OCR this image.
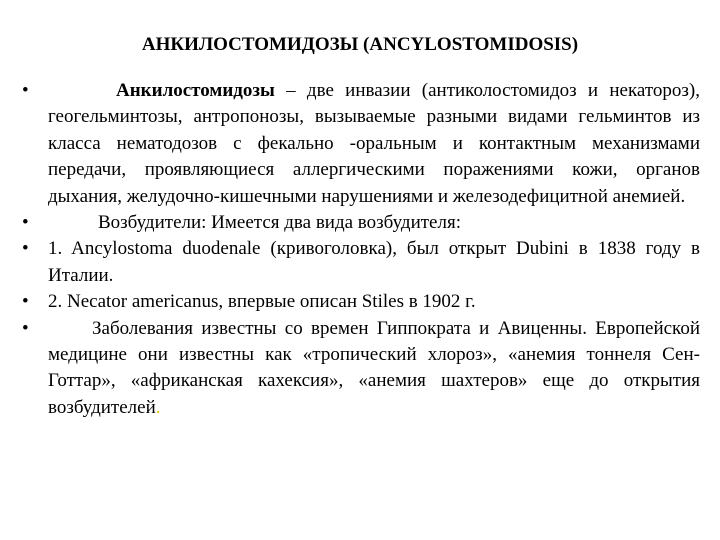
АНКИЛОСТОМИДОЗЫ (ANCYLOSTOMIDOSIS)
•	Анкилостомидозы – две инвазии (антиколостомидоз и некатороз), геогельминтозы, антропонозы, вызываемые разными видами гельминтов из класса нематодозов с фекально -оральным и контактным механизмами передачи, проявляющиеся аллергическими поражениями кожи, органов дыхания, желудочно-кишечными нарушениями и железодефицитной анемией.
•	Возбудители: Имеется два вида возбудителя:
•	1. Ancylostoma duodenale (кривоголовка), был открыт Dubini в 1838 году в Италии.
•	2. Necator americanus, впервые описан Stiles в 1902 г.
•	Заболевания известны со времен Гиппократа и Авиценны. Европейской медицине они известны как «тропический хлороз», «анемия тоннеля Сен-Готтар», «африканская кахексия», «анемия шахтеров» еще до открытия возбудителей.
